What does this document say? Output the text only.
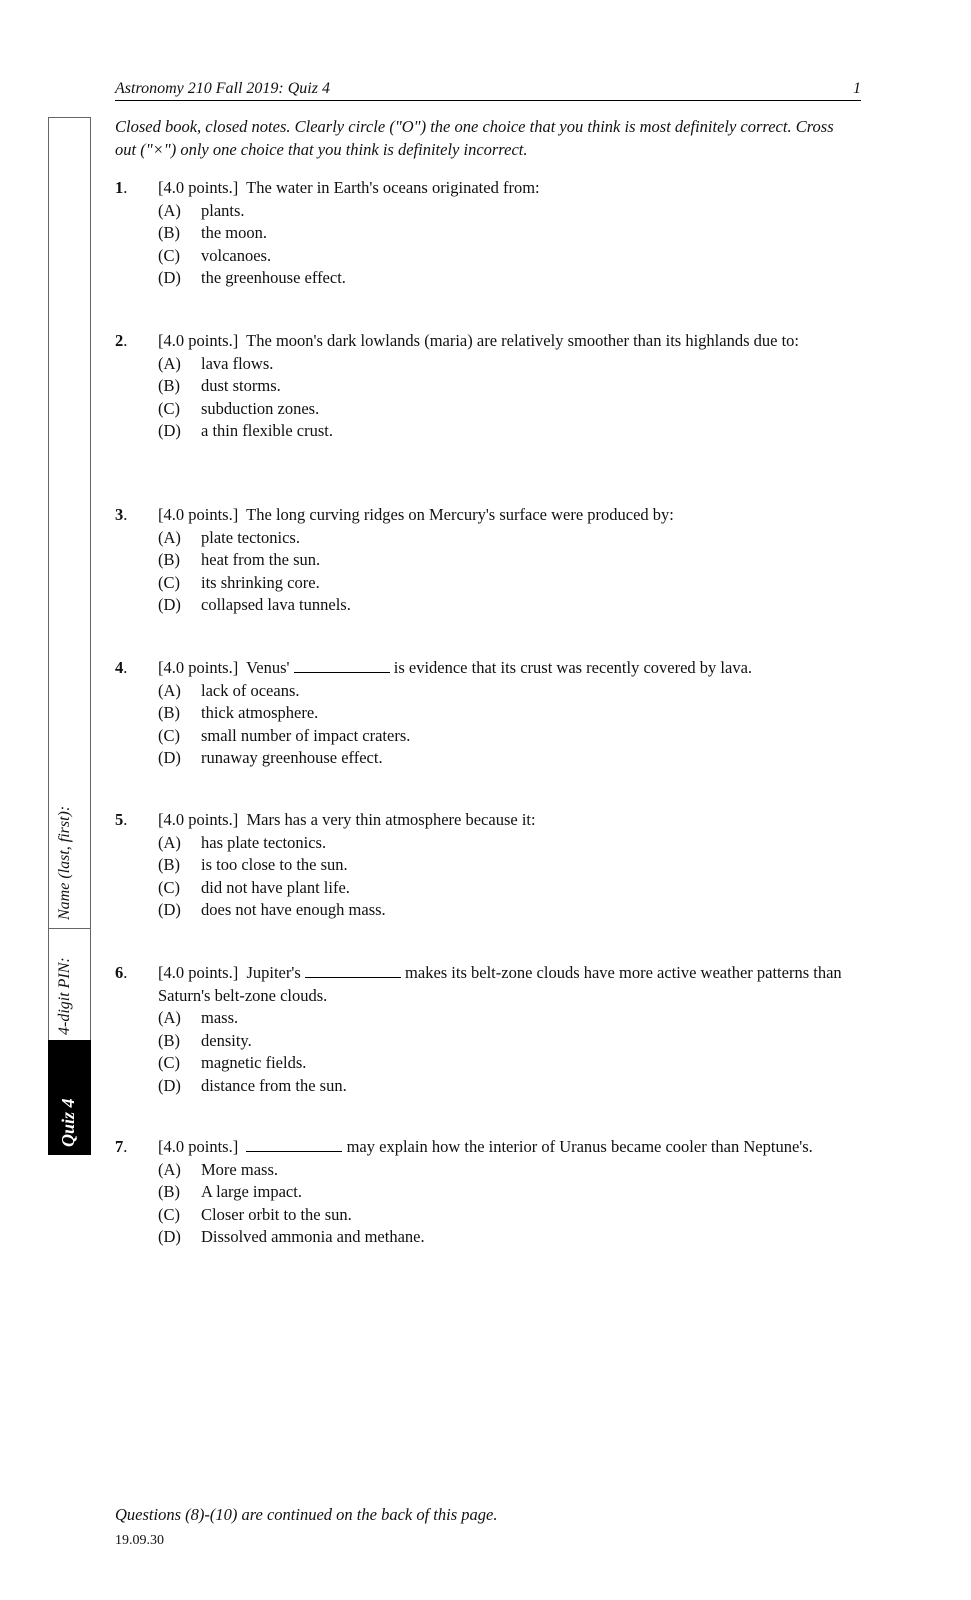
Astronomy 210 Fall 2019: Quiz 4	1
Name (last, first):
4-digit PIN:
Quiz 4
Closed book, closed notes. Clearly circle ("O") the one choice that you think is most definitely correct. Cross out ("×") only one choice that you think is definitely incorrect.
1. [4.0 points.] The water in Earth's oceans originated from:
(A)	plants.
(B)	the moon.
(C)	volcanoes.
(D)	the greenhouse effect.
2. [4.0 points.] The moon's dark lowlands (maria) are relatively smoother than its highlands due to:
(A)	lava flows.
(B)	dust storms.
(C)	subduction zones.
(D)	a thin flexible crust.
3. [4.0 points.] The long curving ridges on Mercury's surface were produced by:
(A)	plate tectonics.
(B)	heat from the sun.
(C)	its shrinking core.
(D)	collapsed lava tunnels.
4. [4.0 points.] Venus'	is evidence that its crust was recently covered by lava.
(A)	lack of oceans.
(B)	thick atmosphere.
(C)	small number of impact craters.
(D)	runaway greenhouse effect.
5. [4.0 points.] Mars has a very thin atmosphere because it:
(A)	has plate tectonics.
(B)	is too close to the sun.
(C)	did not have plant life.
(D)	does not have enough mass.
6. [4.0 points.] Jupiter's	makes its belt-zone clouds have more active weather patterns than Saturn's belt-zone clouds.
(A)	mass.
(B)	density.
(C)	magnetic fields.
(D)	distance from the sun.
7. [4.0 points.]	may explain how the interior of Uranus became cooler than Neptune's.
(A)	More mass.
(B)	A large impact.
(C)	Closer orbit to the sun.
(D)	Dissolved ammonia and methane.
Questions (8)-(10) are continued on the back of this page.
19.09.30
